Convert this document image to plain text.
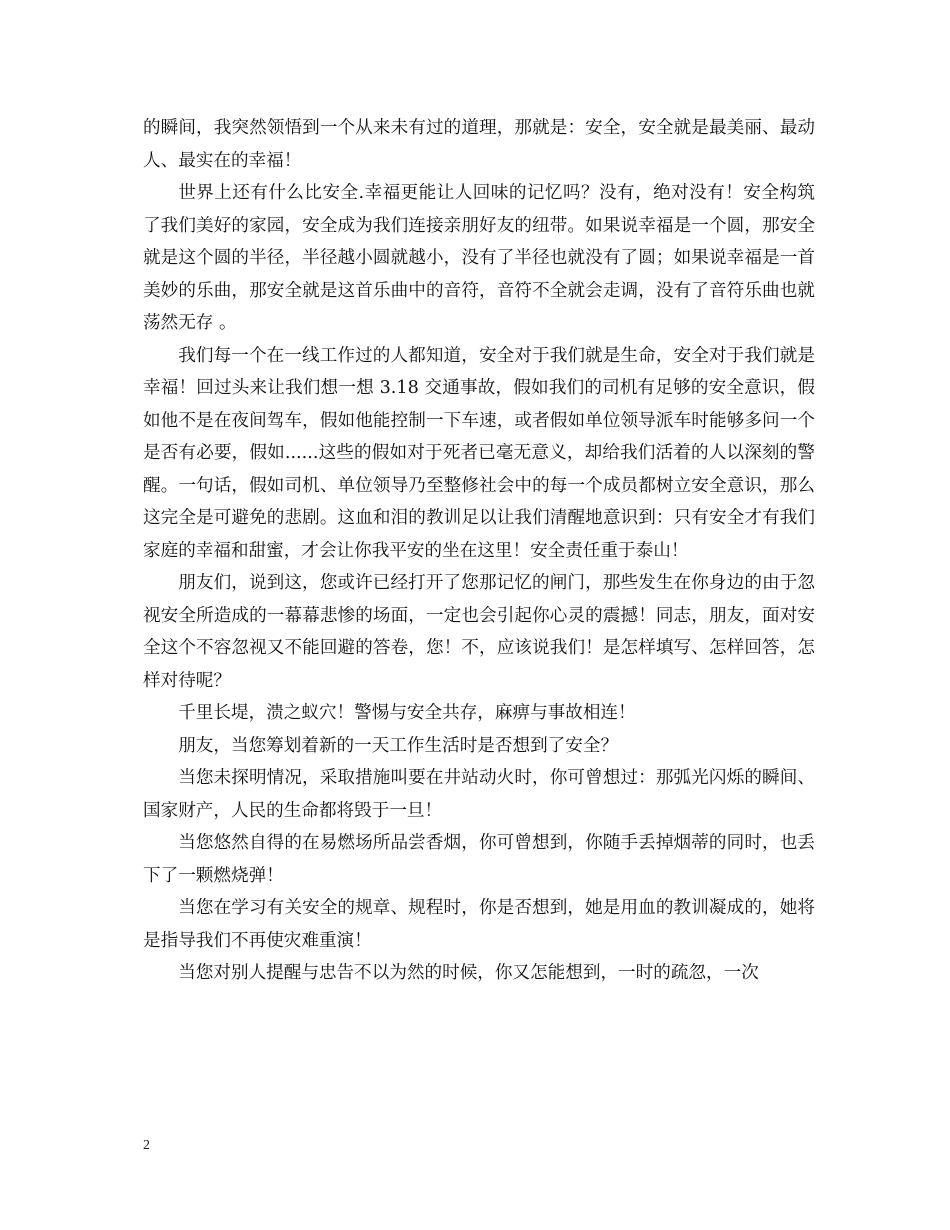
的瞬间，我突然领悟到一个从来未有过的道理，那就是：安全，安全就是最美丽、最动人、最实在的幸福！

世界上还有什么比安全.幸福更能让人回味的记忆吗？没有，绝对没有！安全构筑了我们美好的家园，安全成为我们连接亲朋好友的纽带。如果说幸福是一个圆，那安全就是这个圆的半径，半径越小圆就越小，没有了半径也就没有了圆；如果说幸福是一首美妙的乐曲，那安全就是这首乐曲中的音符，音符不全就会走调，没有了音符乐曲也就荡然无存 。

我们每一个在一线工作过的人都知道，安全对于我们就是生命，安全对于我们就是幸福！回过头来让我们想一想 3.18 交通事故，假如我们的司机有足够的安全意识，假如他不是在夜间驾车，假如他能控制一下车速，或者假如单位领导派车时能够多问一个是否有必要，假如......这些的假如对于死者已毫无意义，却给我们活着的人以深刻的警醒。一句话，假如司机、单位领导乃至整修社会中的每一个成员都树立安全意识，那么这完全是可避免的悲剧。这血和泪的教训足以让我们清醒地意识到：只有安全才有我们家庭的幸福和甜蜜，才会让你我平安的坐在这里！安全责任重于泰山！

朋友们，说到这，您或许已经打开了您那记忆的闸门，那些发生在你身边的由于忽视安全所造成的一幕幕悲惨的场面，一定也会引起你心灵的震撼！同志，朋友，面对安全这个不容忽视又不能回避的答卷，您！不，应该说我们！是怎样填写、怎样回答，怎样对待呢？

千里长堤，溃之蚁穴！警惕与安全共存，麻痹与事故相连！

朋友，当您筹划着新的一天工作生活时是否想到了安全？

当您未探明情况，采取措施叫要在井站动火时，你可曾想过：那弧光闪烁的瞬间、国家财产，人民的生命都将毁于一旦！

当您悠然自得的在易燃场所品尝香烟，你可曾想到，你随手丢掉烟蒂的同时，也丢下了一颗燃烧弹！

当您在学习有关安全的规章、规程时，你是否想到，她是用血的教训凝成的，她将是指导我们不再使灾难重演！

当您对别人提醒与忠告不以为然的时候，你又怎能想到，一时的疏忽，一次

2
